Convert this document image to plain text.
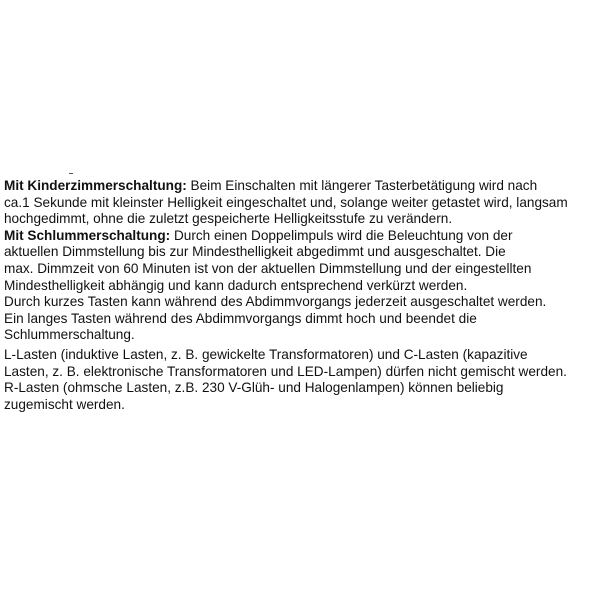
Mit Kinderzimmerschaltung: Beim Einschalten mit längerer Tasterbetätigung wird nach
ca.1 Sekunde mit kleinster Helligkeit eingeschaltet und, solange weiter getastet wird, langsam
hochgedimmt, ohne die zuletzt gespeicherte Helligkeitsstufe zu verändern.
Mit Schlummerschaltung: Durch einen Doppelimpuls wird die Beleuchtung von der
aktuellen Dimmstellung bis zur Mindesthelligkeit abgedimmt und ausgeschaltet. Die
max. Dimmzeit von 60 Minuten ist von der aktuellen Dimmstellung und der eingestellten
Mindesthelligkeit abhängig und kann dadurch entsprechend verkürzt werden.
Durch kurzes Tasten kann während des Abdimmvorgangs jederzeit ausgeschaltet werden.
Ein langes Tasten während des Abdimmvorgangs dimmt hoch und beendet die
Schlummerschaltung.
L-Lasten (induktive Lasten, z. B. gewickelte Transformatoren) und C-Lasten (kapazitive
Lasten, z. B. elektronische Transformatoren und LED-Lampen) dürfen nicht gemischt werden.
R-Lasten (ohmsche Lasten, z.B. 230 V-Glüh- und Halogenlampen) können beliebig
zugemischt werden.
